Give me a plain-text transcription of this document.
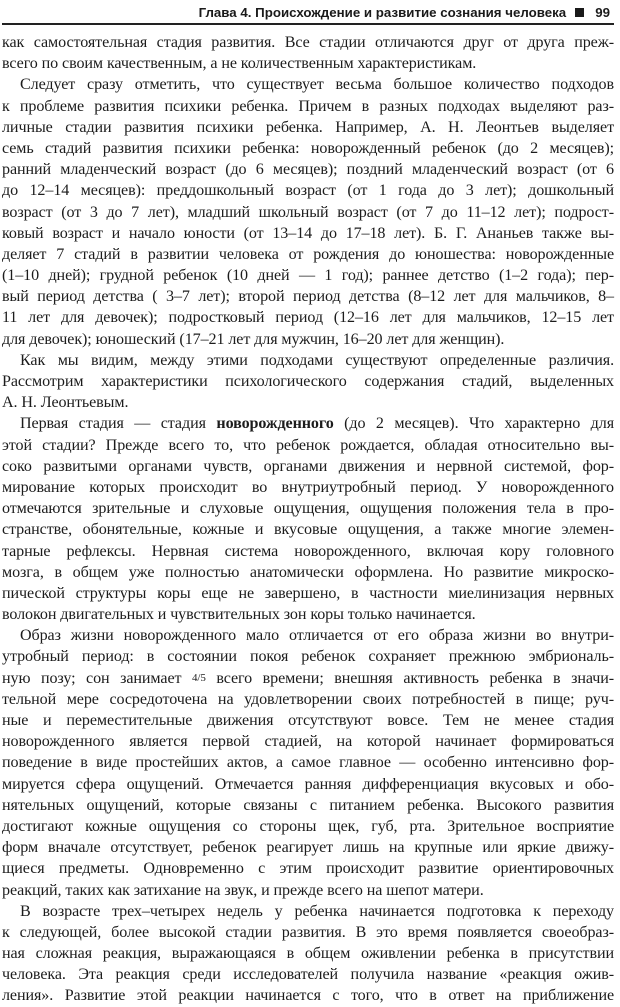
Глава 4. Происхождение и развитие сознания человека 99
как самостоятельная стадия развития. Все стадии отличаются друг от друга преж-
всего по своим качественным, а не количественным характеристикам.
Следует сразу отметить, что существует весьма большое количество подходов
к проблеме развития психики ребенка. Причем в разных подходах выделяют раз-
личные стадии развития психики ребенка. Например, А. Н. Леонтьев выделяет
семь стадий развития психики ребенка: новорожденный ребенок (до 2 месяцев);
ранний младенческий возраст (до 6 месяцев); поздний младенческий возраст (от 6
до 12–14 месяцев): преддошкольный возраст (от 1 года до 3 лет); дошкольный
возраст (от 3 до 7 лет), младший школьный возраст (от 7 до 11–12 лет); подрост-
ковый возраст и начало юности (от 13–14 до 17–18 лет). Б. Г. Ананьев также вы-
деляет 7 стадий в развитии человека от рождения до юношества: новорожденные
(1–10 дней); грудной ребенок (10 дней — 1 год); раннее детство (1–2 года); пер-
вый период детства ( 3–7 лет); второй период детства (8–12 лет для мальчиков, 8–
11 лет для девочек); подростковый период (12–16 лет для мальчиков, 12–15 лет
для девочек); юношеский (17–21 лет для мужчин, 16–20 лет для женщин).
Как мы видим, между этими подходами существуют определенные различия.
Рассмотрим характеристики психологического содержания стадий, выделенных
А. Н. Леонтьевым.
Первая стадия — стадия новорожденного (до 2 месяцев). Что характерно для
этой стадии? Прежде всего то, что ребенок рождается, обладая относительно вы-
соко развитыми органами чувств, органами движения и нервной системой, фор-
мирование которых происходит во внутриутробный период. У новорожденного
отмечаются зрительные и слуховые ощущения, ощущения положения тела в про-
странстве, обонятельные, кожные и вкусовые ощущения, а также многие элемен-
тарные рефлексы. Нервная система новорожденного, включая кору головного
мозга, в общем уже полностью анатомически оформлена. Но развитие микроско-
пической структуры коры еще не завершено, в частности миелинизация нервных
волокон двигательных и чувствительных зон коры только начинается.
Образ жизни новорожденного мало отличается от его образа жизни во внутри-
утробный период: в состоянии покоя ребенок сохраняет прежнюю эмбриональ-
ную позу; сон занимает 4/5 всего времени; внешняя активность ребенка в значи-
тельной мере сосредоточена на удовлетворении своих потребностей в пище; руч-
ные и переместительные движения отсутствуют вовсе. Тем не менее стадия
новорожденного является первой стадией, на которой начинает формироваться
поведение в виде простейших актов, а самое главное — особенно интенсивно фор-
мируется сфера ощущений. Отмечается ранняя дифференциация вкусовых и обо-
нятельных ощущений, которые связаны с питанием ребенка. Высокого развития
достигают кожные ощущения со стороны щек, губ, рта. Зрительное восприятие
форм вначале отсутствует, ребенок реагирует лишь на крупные или яркие движу-
щиеся предметы. Одновременно с этим происходит развитие ориентировочных
реакций, таких как затихание на звук, и прежде всего на шепот матери.
В возрасте трех–четырех недель у ребенка начинается подготовка к переходу
к следующей, более высокой стадии развития. В это время появляется своеобраз-
ная сложная реакция, выражающаяся в общем оживлении ребенка в присутствии
человека. Эта реакция среди исследователей получила название «реакция ожив-
ления». Развитие этой реакции начинается с того, что в ответ на приближение
